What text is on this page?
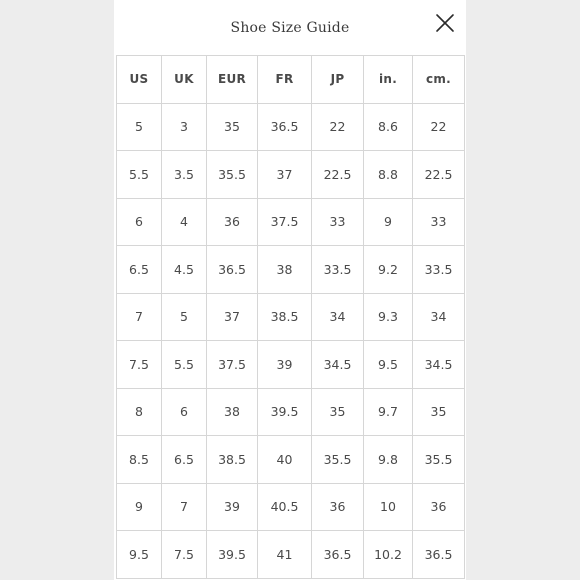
Shoe Size Guide
US	UK	EUR	FR	JP	in.	cm.
5	3	35	36.5	22	8.6	22
5.5	3.5	35.5	37	22.5	8.8	22.5
6	4	36	37.5	33	9	33
6.5	4.5	36.5	38	33.5	9.2	33.5
7	5	37	38.5	34	9.3	34
7.5	5.5	37.5	39	34.5	9.5	34.5
8	6	38	39.5	35	9.7	35
8.5	6.5	38.5	40	35.5	9.8	35.5
9	7	39	40.5	36	10	36
9.5	7.5	39.5	41	36.5	10.2	36.5
